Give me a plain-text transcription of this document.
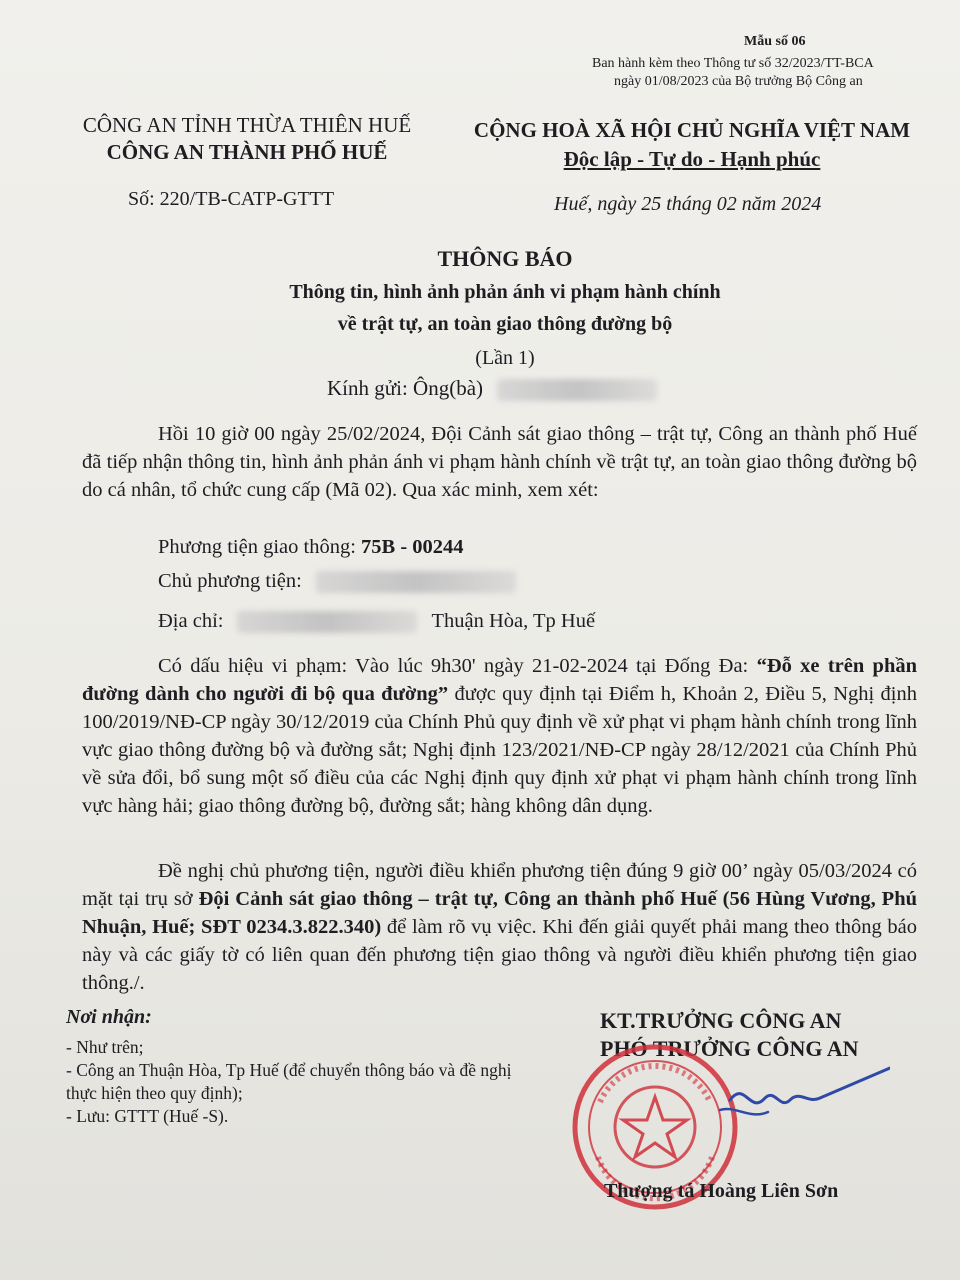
Mẫu số 06
Ban hành kèm theo Thông tư số 32/2023/TT-BCA
ngày 01/08/2023 của Bộ trưởng Bộ Công an
CÔNG AN TỈNH THỪA THIÊN HUẾ
CÔNG AN THÀNH PHỐ HUẾ
CỘNG HOÀ XÃ HỘI CHỦ NGHĨA VIỆT NAM
Độc lập - Tự do - Hạnh phúc
Số: 220/TB-CATP-GTTT	Huế, ngày 25 tháng 02 năm 2024
THÔNG BÁO
Thông tin, hình ảnh phản ánh vi phạm hành chính
về trật tự, an toàn giao thông đường bộ
(Lần 1)
Kính gửi: Ông(bà)
Hồi 10 giờ 00 ngày 25/02/2024, Đội Cảnh sát giao thông – trật tự, Công an thành phố Huế đã tiếp nhận thông tin, hình ảnh phản ánh vi phạm hành chính về trật tự, an toàn giao thông đường bộ do cá nhân, tổ chức cung cấp (Mã 02). Qua xác minh, xem xét:
Phương tiện giao thông: 75B - 00244
Chủ phương tiện:
Địa chỉ:	Thuận Hòa, Tp Huế
Có dấu hiệu vi phạm: Vào lúc 9h30' ngày 21-02-2024 tại Đống Đa: “Đỗ xe trên phần đường dành cho người đi bộ qua đường” được quy định tại Điểm h, Khoản 2, Điều 5, Nghị định 100/2019/NĐ-CP ngày 30/12/2019 của Chính Phủ quy định về xử phạt vi phạm hành chính trong lĩnh vực giao thông đường bộ và đường sắt; Nghị định 123/2021/NĐ-CP ngày 28/12/2021 của Chính Phủ về sửa đổi, bổ sung một số điều của các Nghị định quy định xử phạt vi phạm hành chính trong lĩnh vực hàng hải; giao thông đường bộ, đường sắt; hàng không dân dụng.
Đề nghị chủ phương tiện, người điều khiển phương tiện đúng 9 giờ 00’ ngày 05/03/2024 có mặt tại trụ sở Đội Cảnh sát giao thông – trật tự, Công an thành phố Huế (56 Hùng Vương, Phú Nhuận, Huế; SĐT 0234.3.822.340) để làm rõ vụ việc. Khi đến giải quyết phải mang theo thông báo này và các giấy tờ có liên quan đến phương tiện giao thông và người điều khiển phương tiện giao thông./.
Nơi nhận:
- Như trên;
- Công an Thuận Hòa, Tp Huế (để chuyển thông báo và đề nghị thực hiện theo quy định);
- Lưu: GTTT (Huế -S).
KT.TRƯỞNG CÔNG AN
PHÓ TRƯỞNG CÔNG AN
Thượng tá Hoàng Liên Sơn
